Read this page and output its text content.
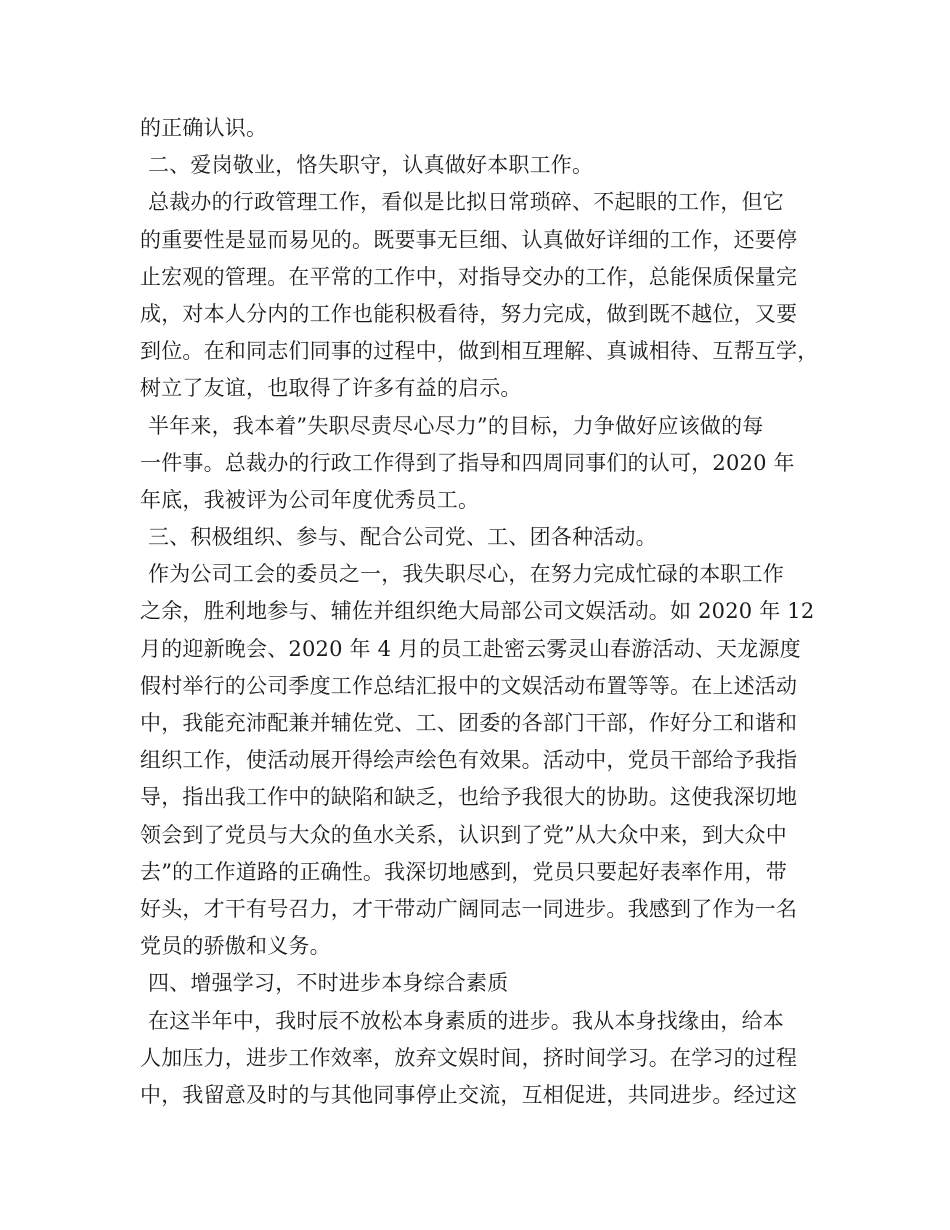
的正确认识。
二、爱岗敬业，恪失职守，认真做好本职工作。
总裁办的行政管理工作，看似是比拟日常琐碎、不起眼的工作，但它
的重要性是显而易见的。既要事无巨细、认真做好详细的工作，还要停
止宏观的管理。在平常的工作中，对指导交办的工作，总能保质保量完
成，对本人分内的工作也能积极看待，努力完成，做到既不越位，又要
到位。在和同志们同事的过程中，做到相互理解、真诚相待、互帮互学，
树立了友谊，也取得了许多有益的启示。
半年来，我本着”失职尽责尽心尽力”的目标，力争做好应该做的每
一件事。总裁办的行政工作得到了指导和四周同事们的认可，2020 年
年底，我被评为公司年度优秀员工。
三、积极组织、参与、配合公司党、工、团各种活动。
作为公司工会的委员之一，我失职尽心，在努力完成忙碌的本职工作
之余，胜利地参与、辅佐并组织绝大局部公司文娱活动。如 2020 年 12
月的迎新晚会、2020 年 4 月的员工赴密云雾灵山春游活动、天龙源度
假村举行的公司季度工作总结汇报中的文娱活动布置等等。在上述活动
中，我能充沛配兼并辅佐党、工、团委的各部门干部，作好分工和谐和
组织工作，使活动展开得绘声绘色有效果。活动中，党员干部给予我指
导，指出我工作中的缺陷和缺乏，也给予我很大的协助。这使我深切地
领会到了党员与大众的鱼水关系，认识到了党”从大众中来，到大众中
去”的工作道路的正确性。我深切地感到，党员只要起好表率作用，带
好头，才干有号召力，才干带动广阔同志一同进步。我感到了作为一名
党员的骄傲和义务。
四、增强学习，不时进步本身综合素质
在这半年中，我时辰不放松本身素质的进步。我从本身找缘由，给本
人加压力，进步工作效率，放弃文娱时间，挤时间学习。在学习的过程
中，我留意及时的与其他同事停止交流，互相促进，共同进步。经过这
